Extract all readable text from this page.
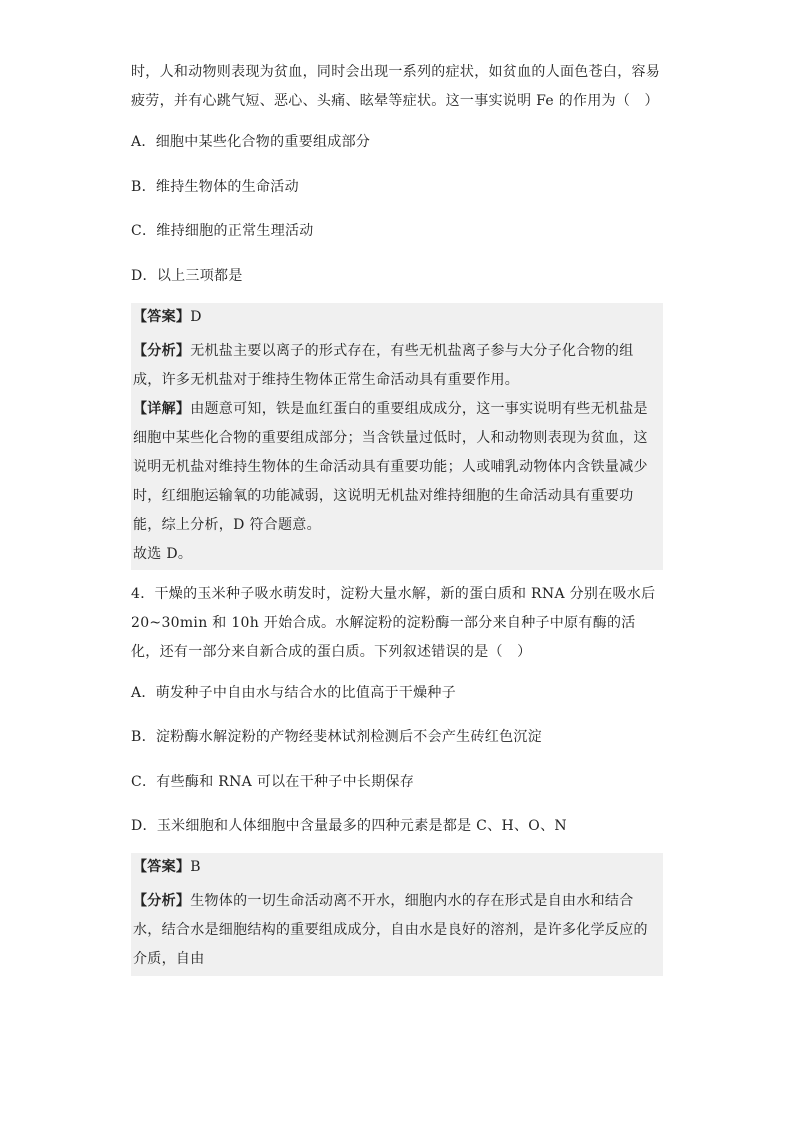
时，人和动物则表现为贫血，同时会出现一系列的症状，如贫血的人面色苍白，容易疲劳，并有心跳气短、恶心、头痛、眩晕等症状。这一事实说明 Fe 的作用为（　）

A．细胞中某些化合物的重要组成部分

B．维持生物体的生命活动

C．维持细胞的正常生理活动

D．以上三项都是

【答案】D

【分析】无机盐主要以离子的形式存在，有些无机盐离子参与大分子化合物的组成，许多无机盐对于维持生物体正常生命活动具有重要作用。

【详解】由题意可知，铁是血红蛋白的重要组成成分，这一事实说明有些无机盐是细胞中某些化合物的重要组成部分；当含铁量过低时，人和动物则表现为贫血，这说明无机盐对维持生物体的生命活动具有重要功能；人或哺乳动物体内含铁量减少时，红细胞运输氧的功能减弱，这说明无机盐对维持细胞的生命活动具有重要功能，综上分析，D 符合题意。

故选 D。

4．干燥的玉米种子吸水萌发时，淀粉大量水解，新的蛋白质和 RNA 分别在吸水后 20~30min 和 10h 开始合成。水解淀粉的淀粉酶一部分来自种子中原有酶的活化，还有一部分来自新合成的蛋白质。下列叙述错误的是（　）

A．萌发种子中自由水与结合水的比值高于干燥种子

B．淀粉酶水解淀粉的产物经斐林试剂检测后不会产生砖红色沉淀

C．有些酶和 RNA 可以在干种子中长期保存

D．玉米细胞和人体细胞中含量最多的四种元素是都是 C、H、O、N

【答案】B

【分析】生物体的一切生命活动离不开水，细胞内水的存在形式是自由水和结合水，结合水是细胞结构的重要组成成分，自由水是良好的溶剂，是许多化学反应的介质，自由
